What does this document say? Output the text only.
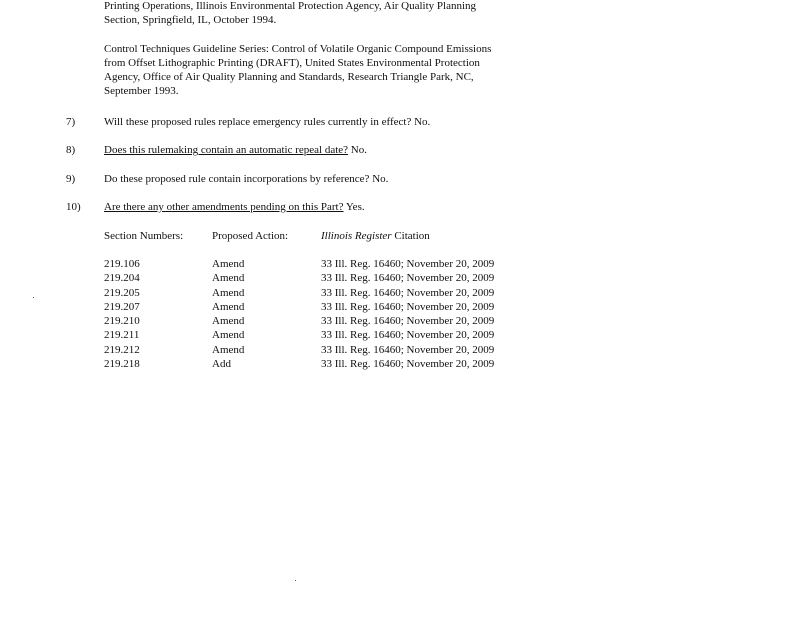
Printing Operations, Illinois Environmental Protection Agency, Air Quality Planning
Section, Springfield, IL, October 1994.
Control Techniques Guideline Series: Control of Volatile Organic Compound Emissions
from Offset Lithographic Printing (DRAFT), United States Environmental Protection
Agency, Office of Air Quality Planning and Standards, Research Triangle Park, NC,
September 1993.
7)	Will these proposed rules replace emergency rules currently in effect? No.
8)	Does this rulemaking contain an automatic repeal date? No.
9)	Do these proposed rule contain incorporations by reference? No.
10) Are there any other amendments pending on this Part? Yes.
Section Numbers:	Proposed Action:	Illinois Register Citation
219.106	Amend	33 Ill. Reg. 16460; November 20, 2009
219.204	Amend	33 Ill. Reg. 16460; November 20, 2009
219.205	Amend	33 Ill. Reg. 16460; November 20, 2009
219.207	Amend	33 Ill. Reg. 16460; November 20, 2009
219.210	Amend	33 Ill. Reg. 16460; November 20, 2009
219.211	Amend	33 Ill. Reg. 16460; November 20, 2009
219.212	Amend	33 Ill. Reg. 16460; November 20, 2009
219.218	Add	33 Ill. Reg. 16460; November 20, 2009
